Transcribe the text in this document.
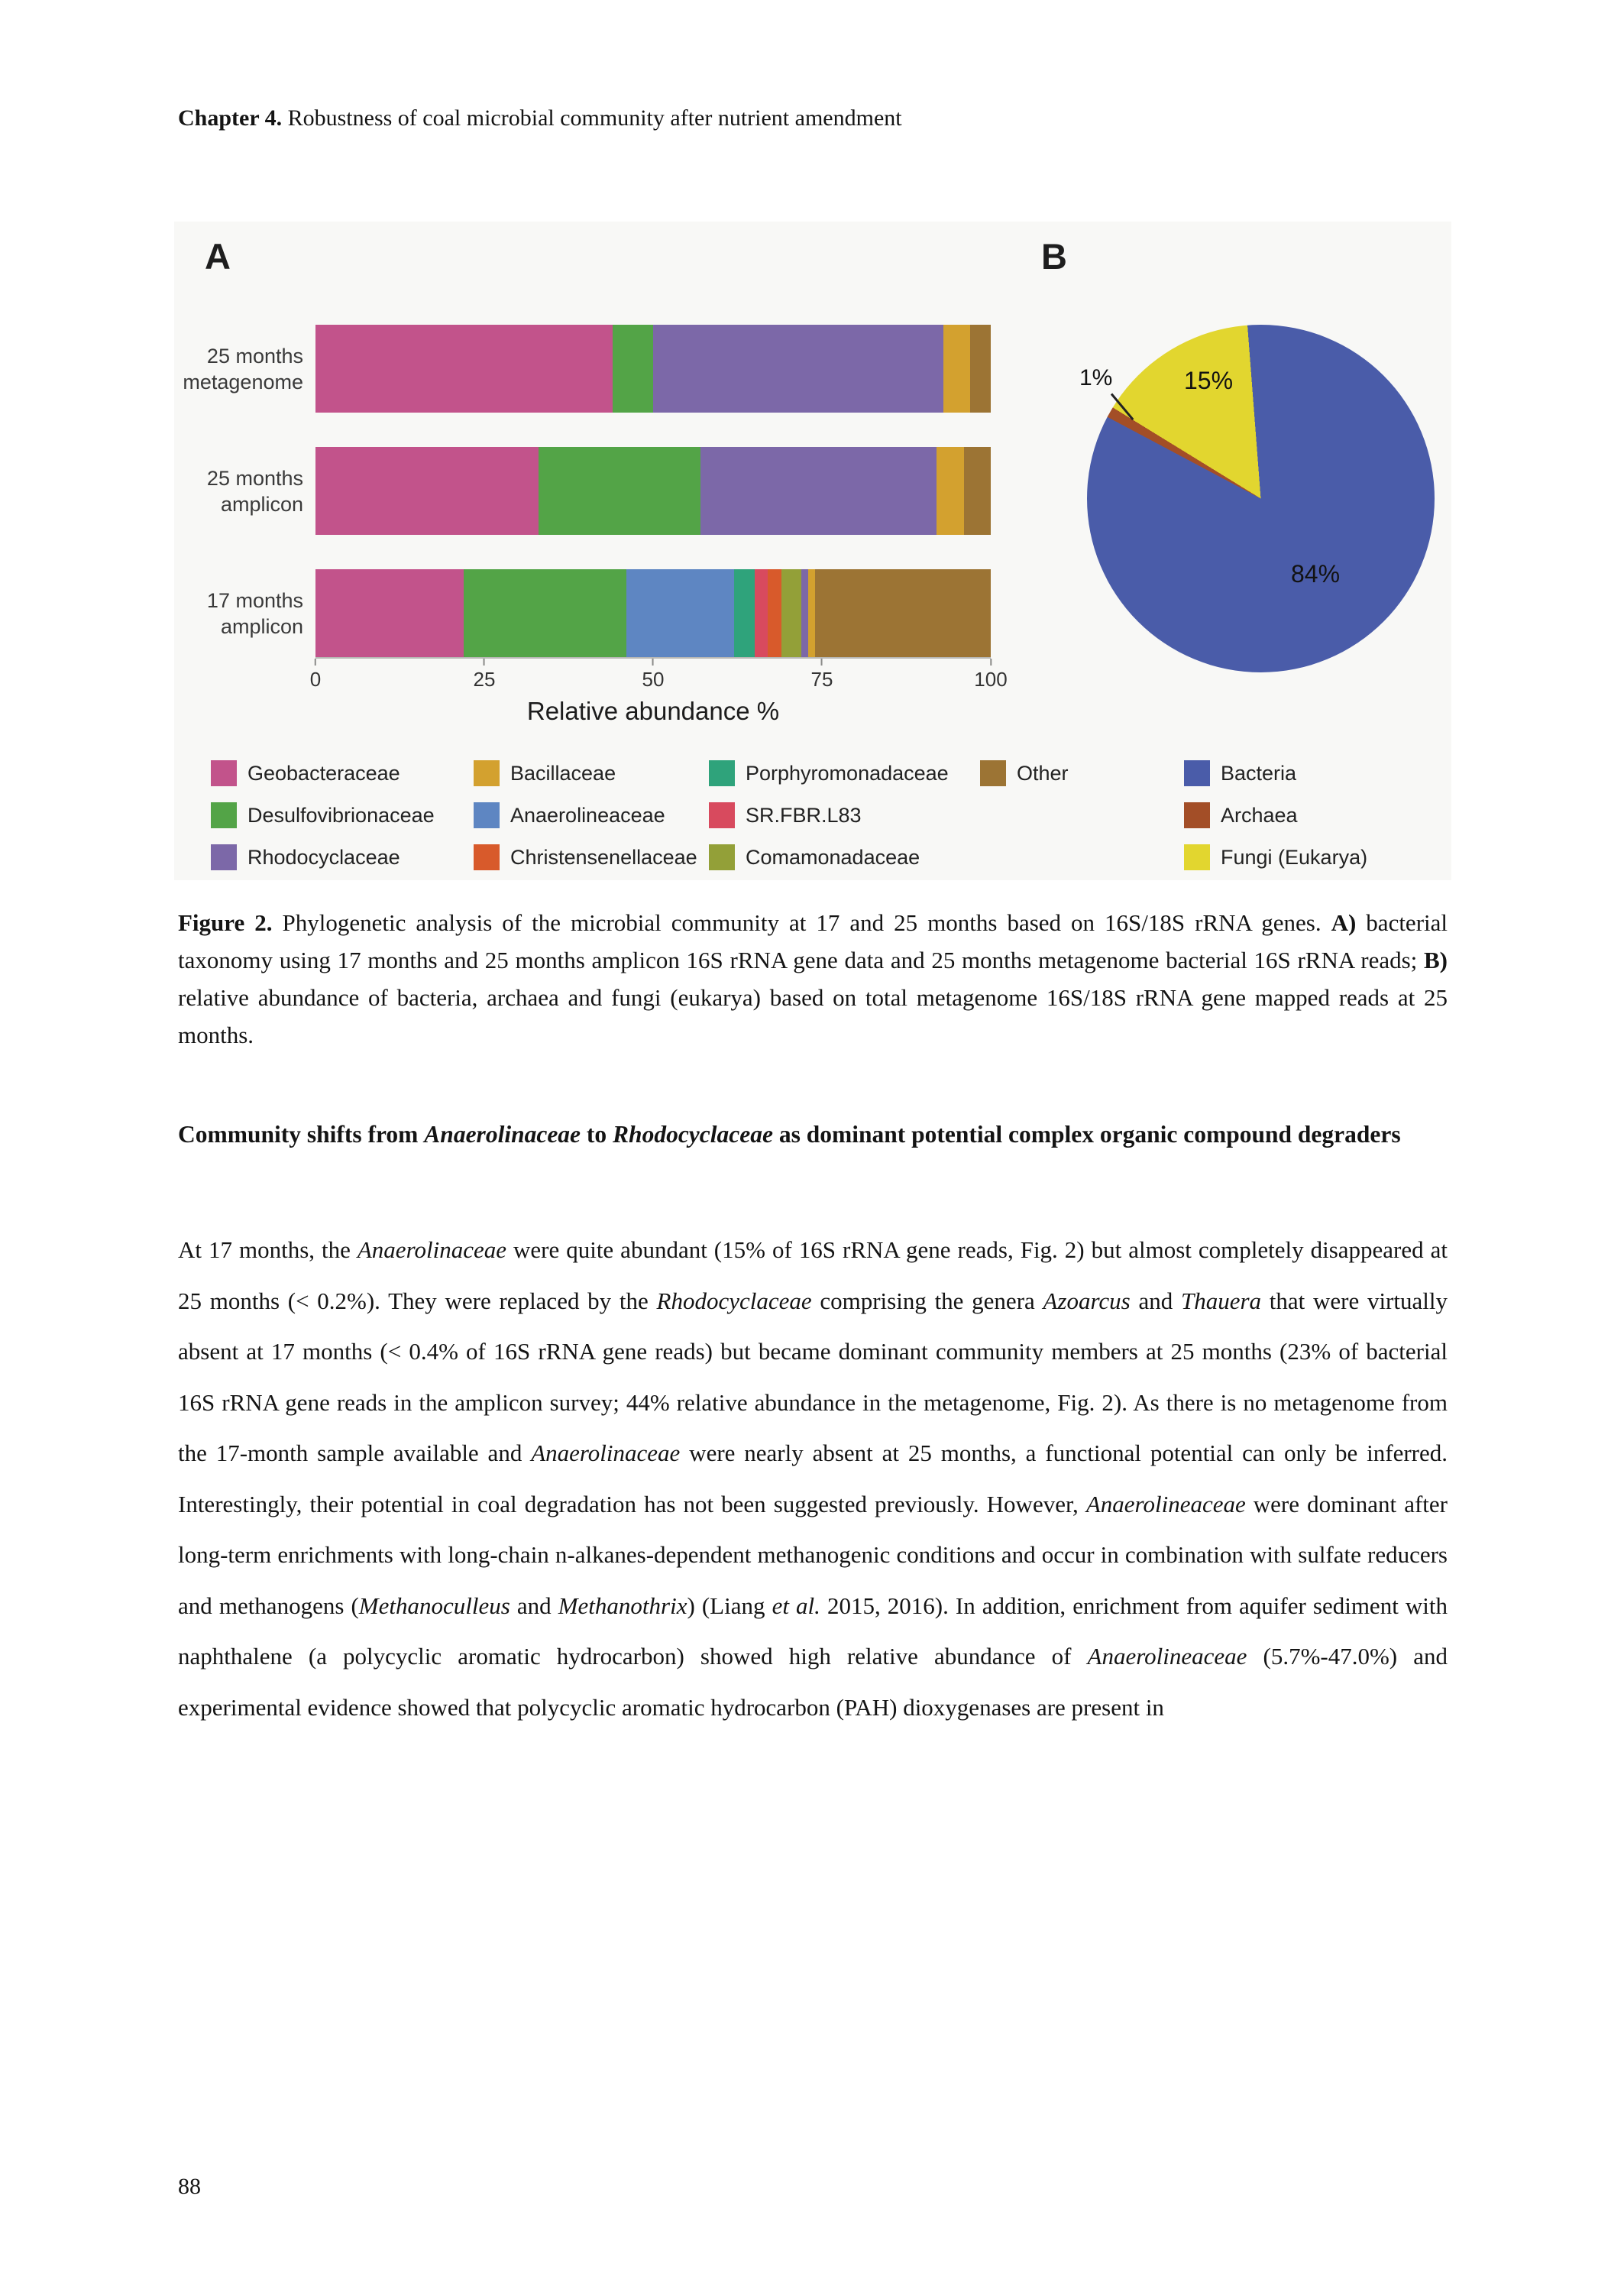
Chapter 4. Robustness of coal microbial community after nutrient amendment
A	B
25 months
metagenome
25 months
amplicon
17 months
amplicon
0	25	50	75	100
Relative abundance %
1%	15%
84%
Geobacteraceae
Desulfovibrionaceae
Rhodocyclaceae
Bacillaceae
Anaerolineaceae
Christensenellaceae
Porphyromonadaceae
SR.FBR.L83
Comamonadaceae
Other	Bacteria
Archaea
Fungi (Eukarya)
Figure 2. Phylogenetic analysis of the microbial community at 17 and 25 months based on 16S/18S rRNA genes. A) bacterial taxonomy using 17 months and 25 months amplicon 16S rRNA gene data and 25 months metagenome bacterial 16S rRNA reads; B) relative abundance of bacteria, archaea and fungi (eukarya) based on total metagenome 16S/18S rRNA gene mapped reads at 25 months.
Community shifts from Anaerolinaceae to Rhodocyclaceae as dominant potential complex organic compound degraders
At 17 months, the Anaerolinaceae were quite abundant (15% of 16S rRNA gene reads, Fig. 2) but almost completely disappeared at 25 months (< 0.2%). They were replaced by the Rhodocyclaceae comprising the genera Azoarcus and Thauera that were virtually absent at 17 months (< 0.4% of 16S rRNA gene reads) but became dominant community members at 25 months (23% of bacterial 16S rRNA gene reads in the amplicon survey; 44% relative abundance in the metagenome, Fig. 2). As there is no metagenome from the 17-month sample available and Anaerolinaceae were nearly absent at 25 months, a functional potential can only be inferred. Interestingly, their potential in coal degradation has not been suggested previously. However, Anaerolineaceae were dominant after long-term enrichments with long-chain n-alkanes-dependent methanogenic conditions and occur in combination with sulfate reducers and methanogens (Methanoculleus and Methanothrix) (Liang et al. 2015, 2016). In addition, enrichment from aquifer sediment with naphthalene (a polycyclic aromatic hydrocarbon) showed high relative abundance of Anaerolineaceae (5.7%-47.0%) and experimental evidence showed that polycyclic aromatic hydrocarbon (PAH) dioxygenases are present in
88
